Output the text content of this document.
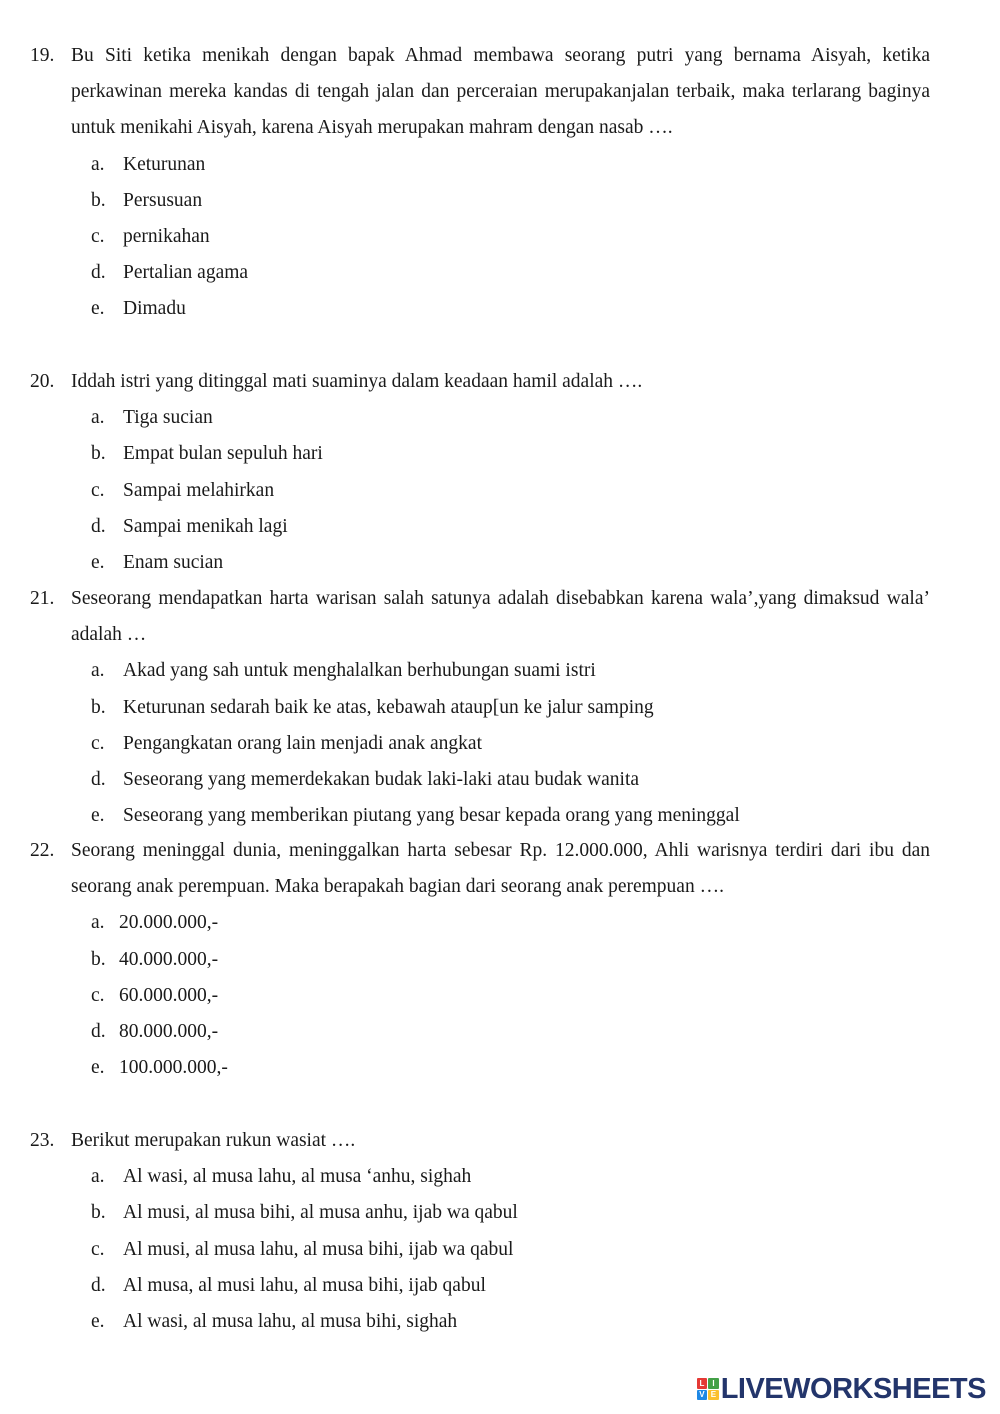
19. Bu Siti ketika menikah dengan bapak Ahmad membawa seorang putri yang bernama Aisyah, ketika perkawinan mereka kandas di tengah jalan dan perceraian merupakanjalan terbaik, maka terlarang baginya untuk menikahi Aisyah, karena Aisyah merupakan mahram dengan nasab ….
a. Keturunan
b. Persusuan
c. pernikahan
d. Pertalian agama
e. Dimadu
20. Iddah istri yang ditinggal mati suaminya dalam keadaan hamil adalah ….
a. Tiga sucian
b. Empat bulan sepuluh hari
c. Sampai melahirkan
d. Sampai menikah lagi
e. Enam sucian
21. Seseorang mendapatkan harta warisan salah satunya adalah disebabkan karena wala’,yang dimaksud wala’ adalah …
a. Akad yang sah untuk menghalalkan berhubungan suami istri
b. Keturunan sedarah baik ke atas, kebawah ataup[un ke jalur samping
c. Pengangkatan orang lain menjadi anak angkat
d. Seseorang yang memerdekakan budak laki-laki atau budak wanita
e. Seseorang yang memberikan piutang yang besar kepada orang yang meninggal
22. Seorang meninggal dunia, meninggalkan harta sebesar Rp. 12.000.000, Ahli warisnya terdiri dari ibu dan seorang anak perempuan. Maka berapakah bagian dari seorang anak perempuan ….
a. 20.000.000,-
b. 40.000.000,-
c. 60.000.000,-
d. 80.000.000,-
e. 100.000.000,-
23. Berikut merupakan rukun wasiat ….
a. Al wasi, al musa lahu, al musa ‘anhu, sighah
b. Al musi, al musa bihi, al musa anhu, ijab wa qabul
c. Al musi, al musa lahu, al musa bihi, ijab wa qabul
d. Al musa, al musi lahu, al musa bihi, ijab qabul
e. Al wasi, al musa lahu, al musa bihi, sighah
L I
V E LIVEWORKSHEETS
